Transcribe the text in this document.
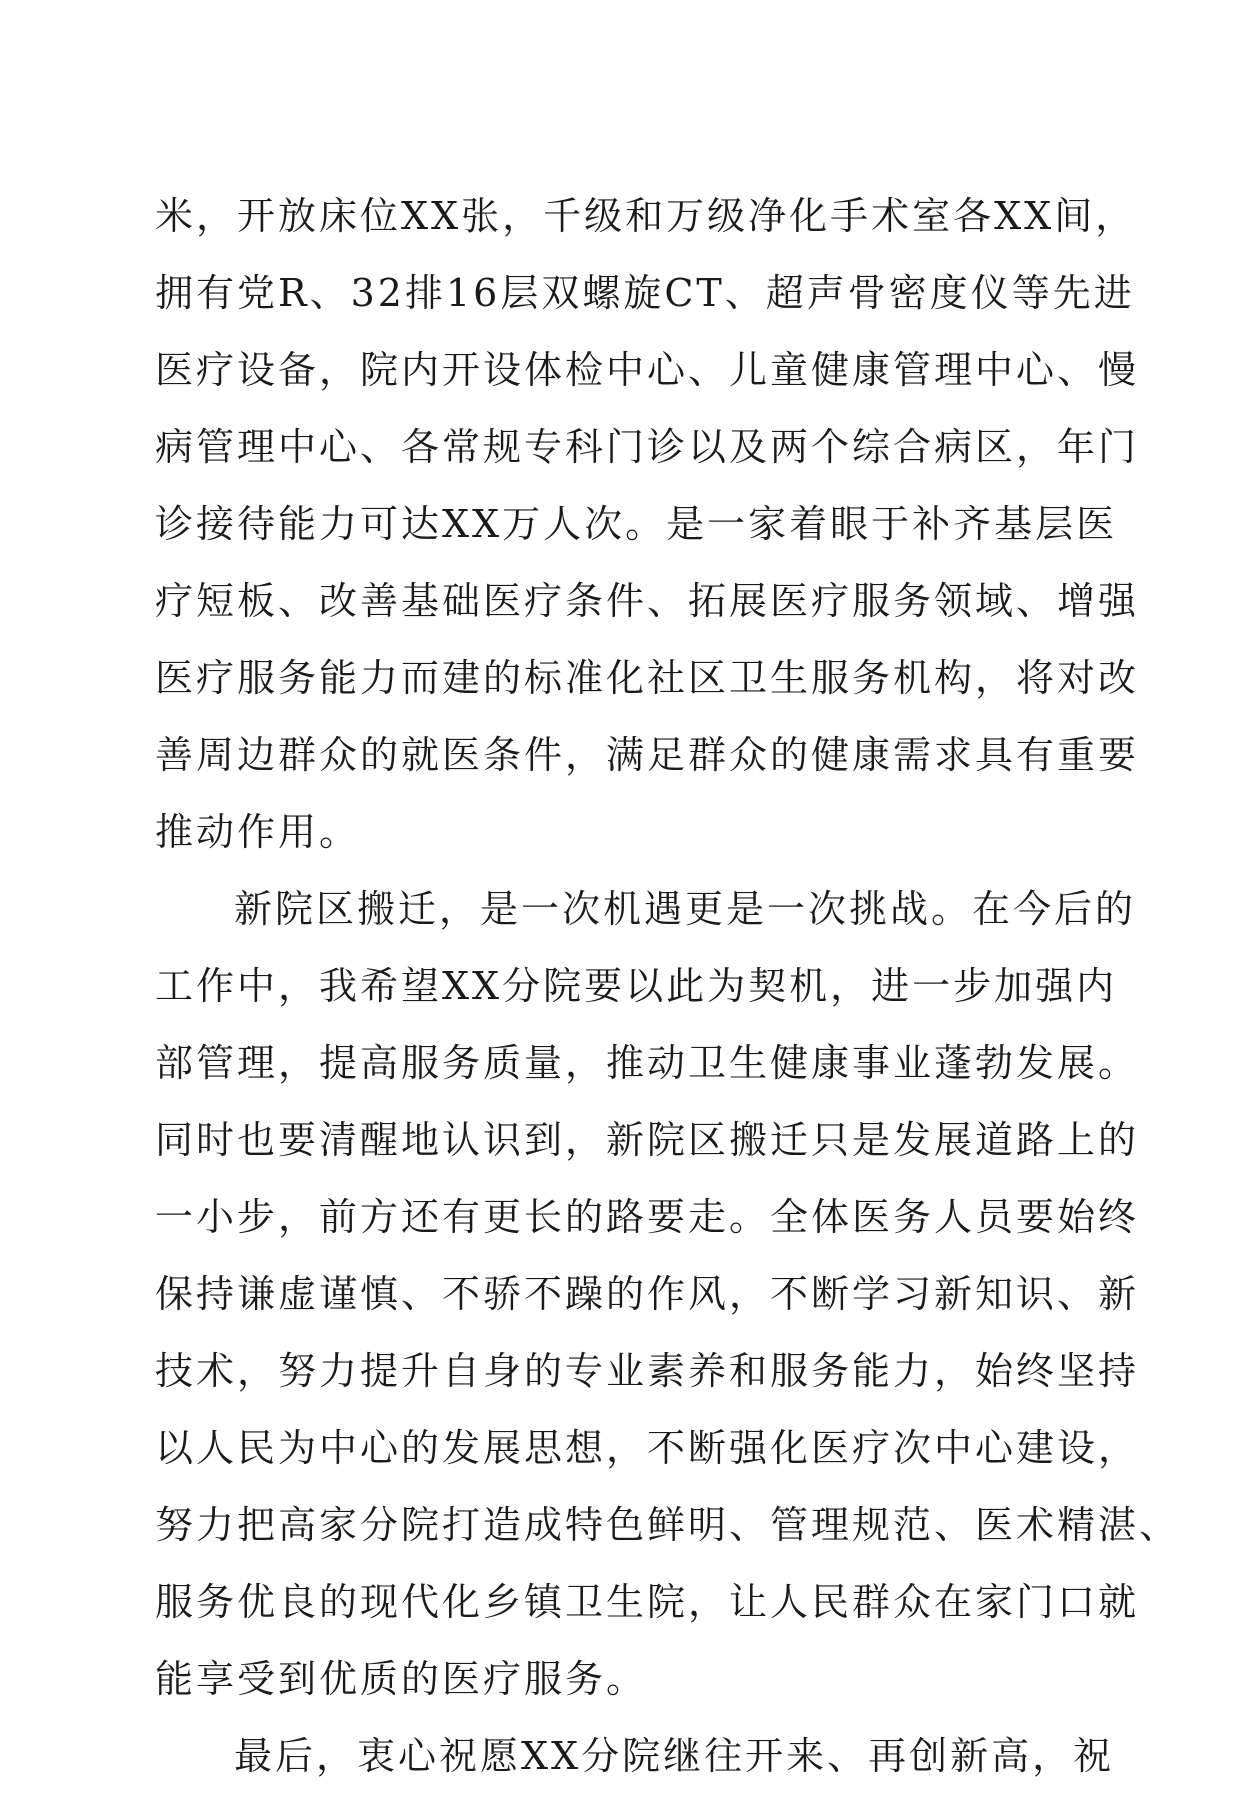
米，开放床位XX张，千级和万级净化手术室各XX间，
拥有党R、32排16层双螺旋CT、超声骨密度仪等先进
医疗设备，院内开设体检中心、儿童健康管理中心、慢
病管理中心、各常规专科门诊以及两个综合病区，年门
诊接待能力可达XX万人次。是一家着眼于补齐基层医
疗短板、改善基础医疗条件、拓展医疗服务领域、增强
医疗服务能力而建的标准化社区卫生服务机构，将对改
善周边群众的就医条件，满足群众的健康需求具有重要
推动作用。
新院区搬迁，是一次机遇更是一次挑战。在今后的
工作中，我希望XX分院要以此为契机，进一步加强内
部管理，提高服务质量，推动卫生健康事业蓬勃发展。
同时也要清醒地认识到，新院区搬迁只是发展道路上的
一小步，前方还有更长的路要走。全体医务人员要始终
保持谦虚谨慎、不骄不躁的作风，不断学习新知识、新
技术，努力提升自身的专业素养和服务能力，始终坚持
以人民为中心的发展思想，不断强化医疗次中心建设，
努力把高家分院打造成特色鲜明、管理规范、医术精湛、
服务优良的现代化乡镇卫生院，让人民群众在家门口就
能享受到优质的医疗服务。
最后，衷心祝愿XX分院继往开来、再创新高，祝
